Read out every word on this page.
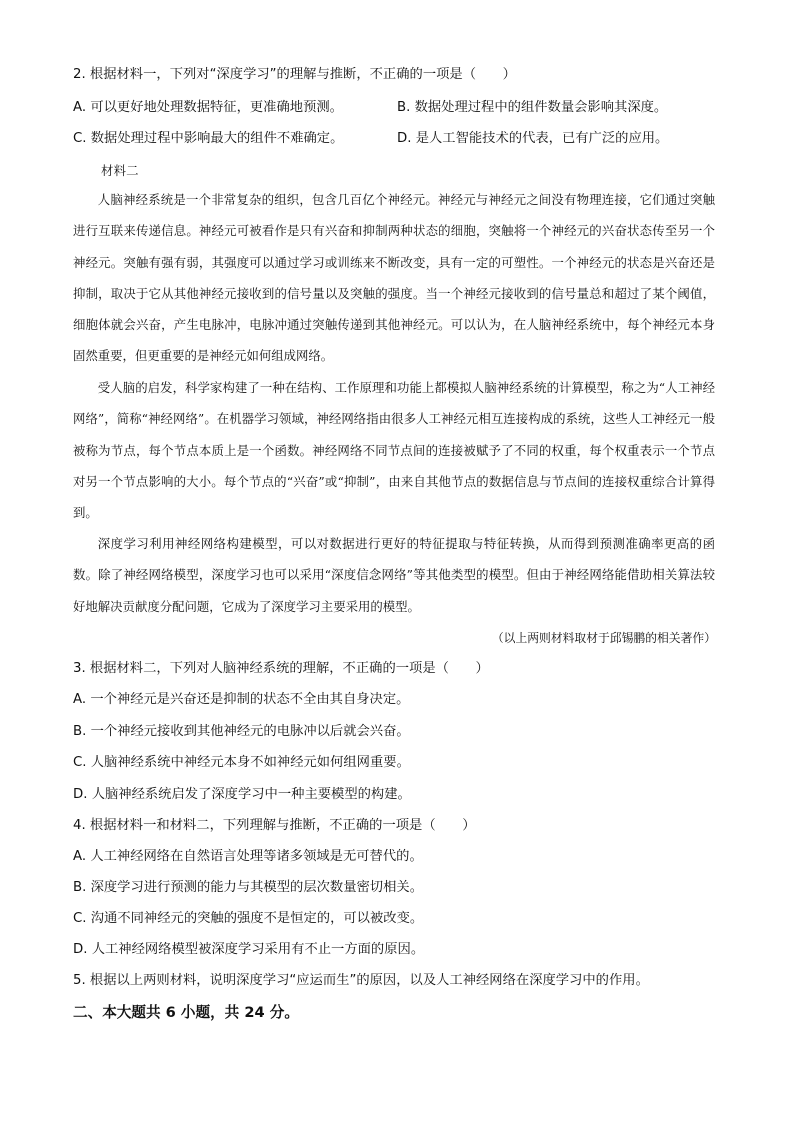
2. 根据材料一，下列对“深度学习”的理解与推断，不正确的一项是（　　）
A. 可以更好地处理数据特征，更准确地预测。	B. 数据处理过程中的组件数量会影响其深度。
C. 数据处理过程中影响最大的组件不难确定。	D. 是人工智能技术的代表，已有广泛的应用。
材料二

人脑神经系统是一个非常复杂的组织，包含几百亿个神经元。神经元与神经元之间没有物理连接，它们通过突触进行互联来传递信息。神经元可被看作是只有兴奋和抑制两种状态的细胞，突触将一个神经元的兴奋状态传至另一个神经元。突触有强有弱，其强度可以通过学习或训练来不断改变，具有一定的可塑性。一个神经元的状态是兴奋还是抑制，取决于它从其他神经元接收到的信号量以及突触的强度。当一个神经元接收到的信号量总和超过了某个阈值，细胞体就会兴奋，产生电脉冲，电脉冲通过突触传递到其他神经元。可以认为，在人脑神经系统中，每个神经元本身固然重要，但更重要的是神经元如何组成网络。

受人脑的启发，科学家构建了一种在结构、工作原理和功能上都模拟人脑神经系统的计算模型，称之为“人工神经网络”，简称“神经网络”。在机器学习领域，神经网络指由很多人工神经元相互连接构成的系统，这些人工神经元一般被称为节点，每个节点本质上是一个函数。神经网络不同节点间的连接被赋予了不同的权重，每个权重表示一个节点对另一个节点影响的大小。每个节点的“兴奋”或“抑制”，由来自其他节点的数据信息与节点间的连接权重综合计算得到。

深度学习利用神经网络构建模型，可以对数据进行更好的特征提取与特征转换，从而得到预测准确率更高的函数。除了神经网络模型，深度学习也可以采用“深度信念网络”等其他类型的模型。但由于神经网络能借助相关算法较好地解决贡献度分配问题，它成为了深度学习主要采用的模型。

（以上两则材料取材于邱锡鹏的相关著作）
3. 根据材料二，下列对人脑神经系统的理解，不正确的一项是（　　）
A. 一个神经元是兴奋还是抑制的状态不全由其自身决定。
B. 一个神经元接收到其他神经元的电脉冲以后就会兴奋。
C. 人脑神经系统中神经元本身不如神经元如何组网重要。
D. 人脑神经系统启发了深度学习中一种主要模型的构建。
4. 根据材料一和材料二，下列理解与推断，不正确的一项是（　　）
A. 人工神经网络在自然语言处理等诸多领域是无可替代的。
B. 深度学习进行预测的能力与其模型的层次数量密切相关。
C. 沟通不同神经元的突触的强度不是恒定的，可以被改变。
D. 人工神经网络模型被深度学习采用有不止一方面的原因。
5. 根据以上两则材料，说明深度学习“应运而生”的原因，以及人工神经网络在深度学习中的作用。
二、本大题共 6 小题，共 24 分。
